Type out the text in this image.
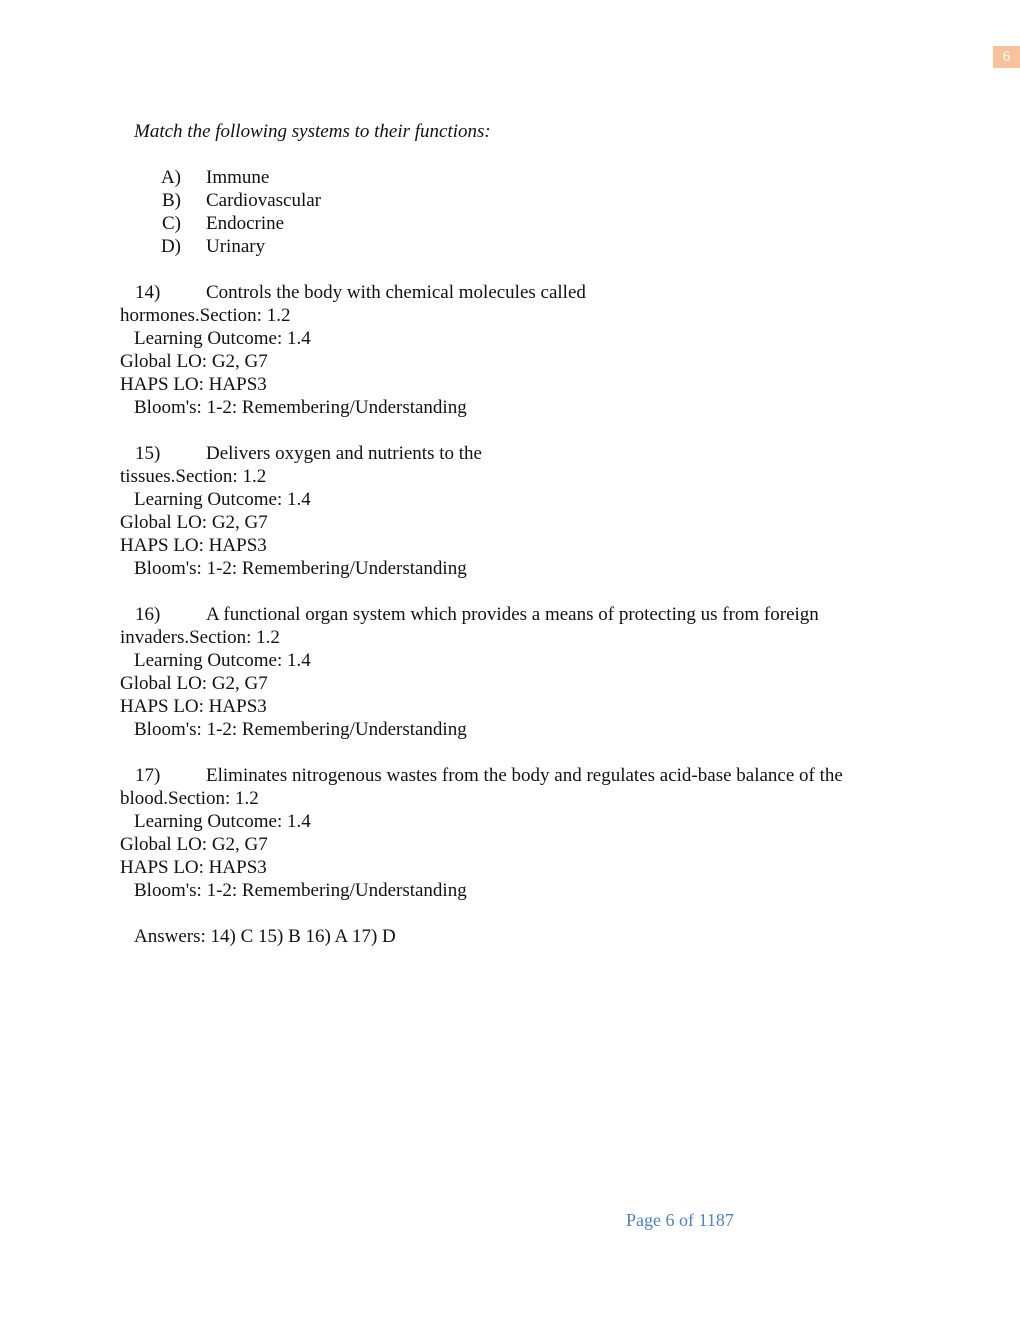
6
Match the following systems to their functions:
A) Immune
B) Cardiovascular
C) Endocrine
D) Urinary
14) Controls the body with chemical molecules called
hormones.Section: 1.2
Learning Outcome: 1.4
Global LO: G2, G7
HAPS LO: HAPS3
Bloom's: 1-2: Remembering/Understanding
15) Delivers oxygen and nutrients to the
tissues.Section: 1.2
Learning Outcome: 1.4
Global LO: G2, G7
HAPS LO: HAPS3
Bloom's: 1-2: Remembering/Understanding
16) A functional organ system which provides a means of protecting us from foreign
invaders.Section: 1.2
Learning Outcome: 1.4
Global LO: G2, G7
HAPS LO: HAPS3
Bloom's: 1-2: Remembering/Understanding
17) Eliminates nitrogenous wastes from the body and regulates acid-base balance of the
blood.Section: 1.2
Learning Outcome: 1.4
Global LO: G2, G7
HAPS LO: HAPS3
Bloom's: 1-2: Remembering/Understanding
Answers: 14) C 15) B 16) A 17) D
Page 6 of 1187
